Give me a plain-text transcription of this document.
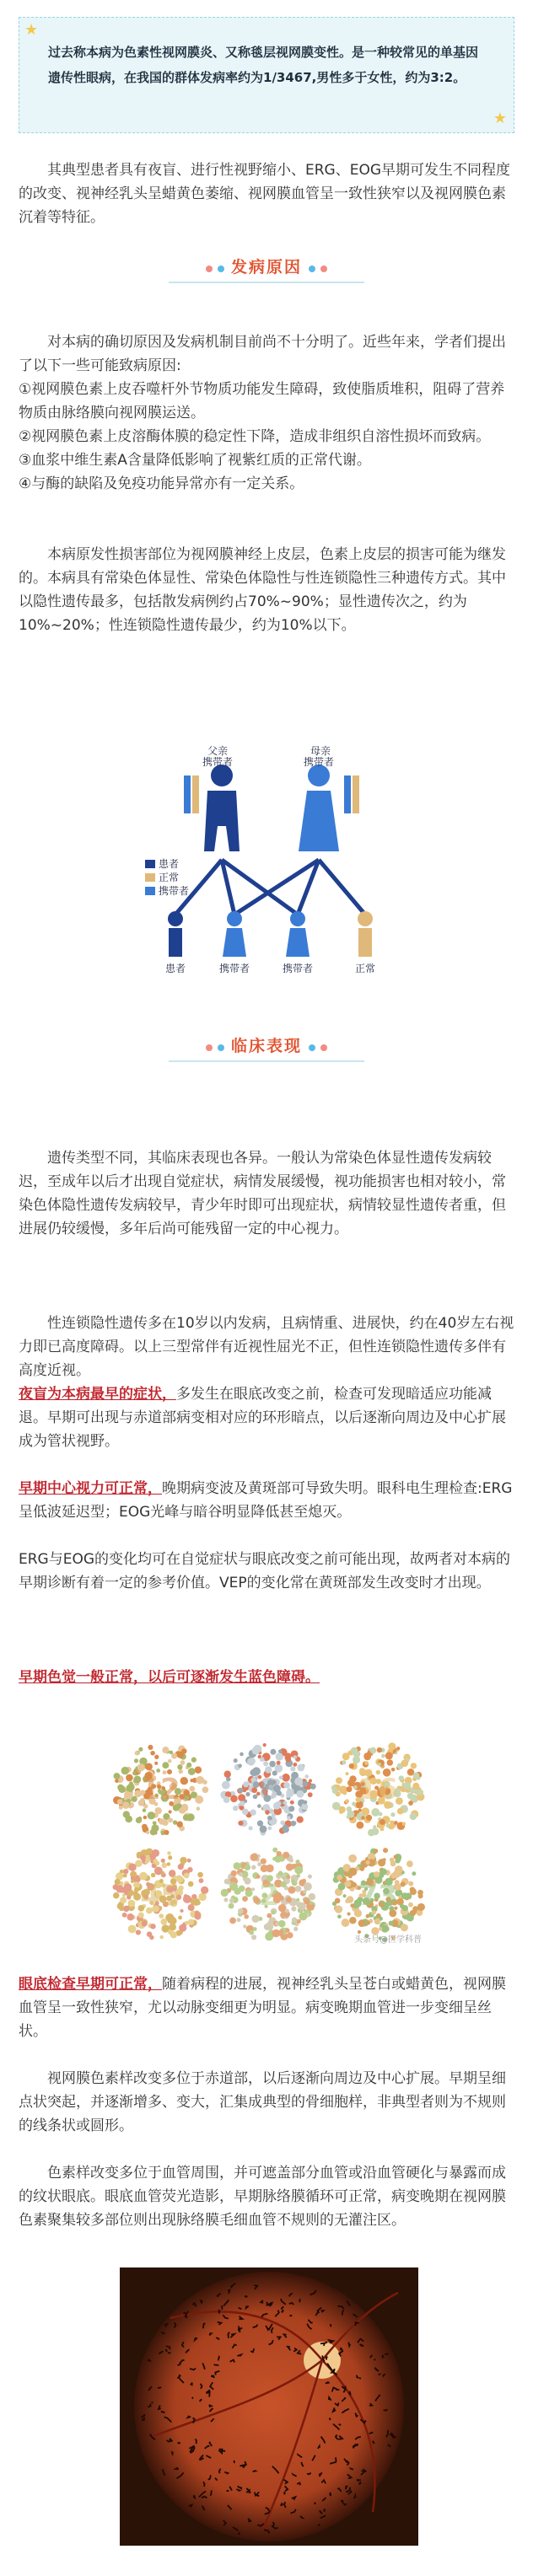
★
★

过去称本病为色素性视网膜炎、又称毯层视网膜变性。是一种较常见的单基因遗传性眼病，在我国的群体发病率约为1/3467,男性多于女性，约为3:2。

其典型患者具有夜盲、进行性视野缩小、ERG、EOG早期可发生不同程度的改变、视神经乳头呈蜡黄色萎缩、视网膜血管呈一致性狭窄以及视网膜色素沉着等特征。

发病原因

对本病的确切原因及发病机制目前尚不十分明了。近些年来，学者们提出了以下一些可能致病原因:

①视网膜色素上皮吞噬杆外节物质功能发生障碍，致使脂质堆积，阻碍了营养物质由脉络膜向视网膜运送。
②视网膜色素上皮溶酶体膜的稳定性下降，造成非组织自溶性损坏而致病。
③血浆中维生素A含量降低影响了视紫红质的正常代谢。
④与酶的缺陷及免疫功能异常亦有一定关系。

本病原发性损害部位为视网膜神经上皮层，色素上皮层的损害可能为继发的。本病具有常染色体显性、常染色体隐性与性连锁隐性三种遗传方式。其中以隐性遗传最多，包括散发病例约占70%~90%；显性遗传次之，约为10%~20%；性连锁隐性遗传最少，约为10%以下。

父亲
携带者
母亲
携带者
患者
正常
携带者
患者	携带者	携带者	正常
临床表现

遗传类型不同，其临床表现也各异。一般认为常染色体显性遗传发病较迟，至成年以后才出现自觉症状，病情发展缓慢，视功能损害也相对较小，常染色体隐性遗传发病较早，青少年时即可出现症状，病情较显性遗传者重，但进展仍较缓慢，多年后尚可能残留一定的中心视力。

性连锁隐性遗传多在10岁以内发病，且病情重、进展快，约在40岁左右视力即已高度障碍。以上三型常伴有近视性屈光不正，但性连锁隐性遗传多伴有高度近视。

夜盲为本病最早的症状，多发生在眼底改变之前，检查可发现暗适应功能减退。早期可出现与赤道部病变相对应的环形暗点，以后逐渐向周边及中心扩展成为管状视野。

早期中心视力可正常，晚期病变波及黄斑部可导致失明。眼科电生理检查:ERG呈低波延迟型；EOG光峰与暗谷明显降低甚至熄灭。

ERG与EOG的变化均可在自觉症状与眼底改变之前可能出现，故两者对本病的早期诊断有着一定的参考价值。VEP的变化常在黄斑部发生改变时才出现。

早期色觉一般正常，以后可逐渐发生蓝色障碍。

12	8	16
45	2	73
头条号@医学科普

眼底检查早期可正常，随着病程的进展，视神经乳头呈苍白或蜡黄色，视网膜血管呈一致性狭窄，尤以动脉变细更为明显。病变晚期血管进一步变细呈丝状。

视网膜色素样改变多位于赤道部，以后逐渐向周边及中心扩展。早期呈细点状突起，并逐渐增多、变大，汇集成典型的骨细胞样，非典型者则为不规则的线条状或圆形。

色素样改变多位于血管周围，并可遮盖部分血管或沿血管硬化与暴露而成的纹状眼底。眼底血管荧光造影，早期脉络膜循环可正常，病变晚期在视网膜色素聚集较多部位则出现脉络膜毛细血管不规则的无灌注区。
